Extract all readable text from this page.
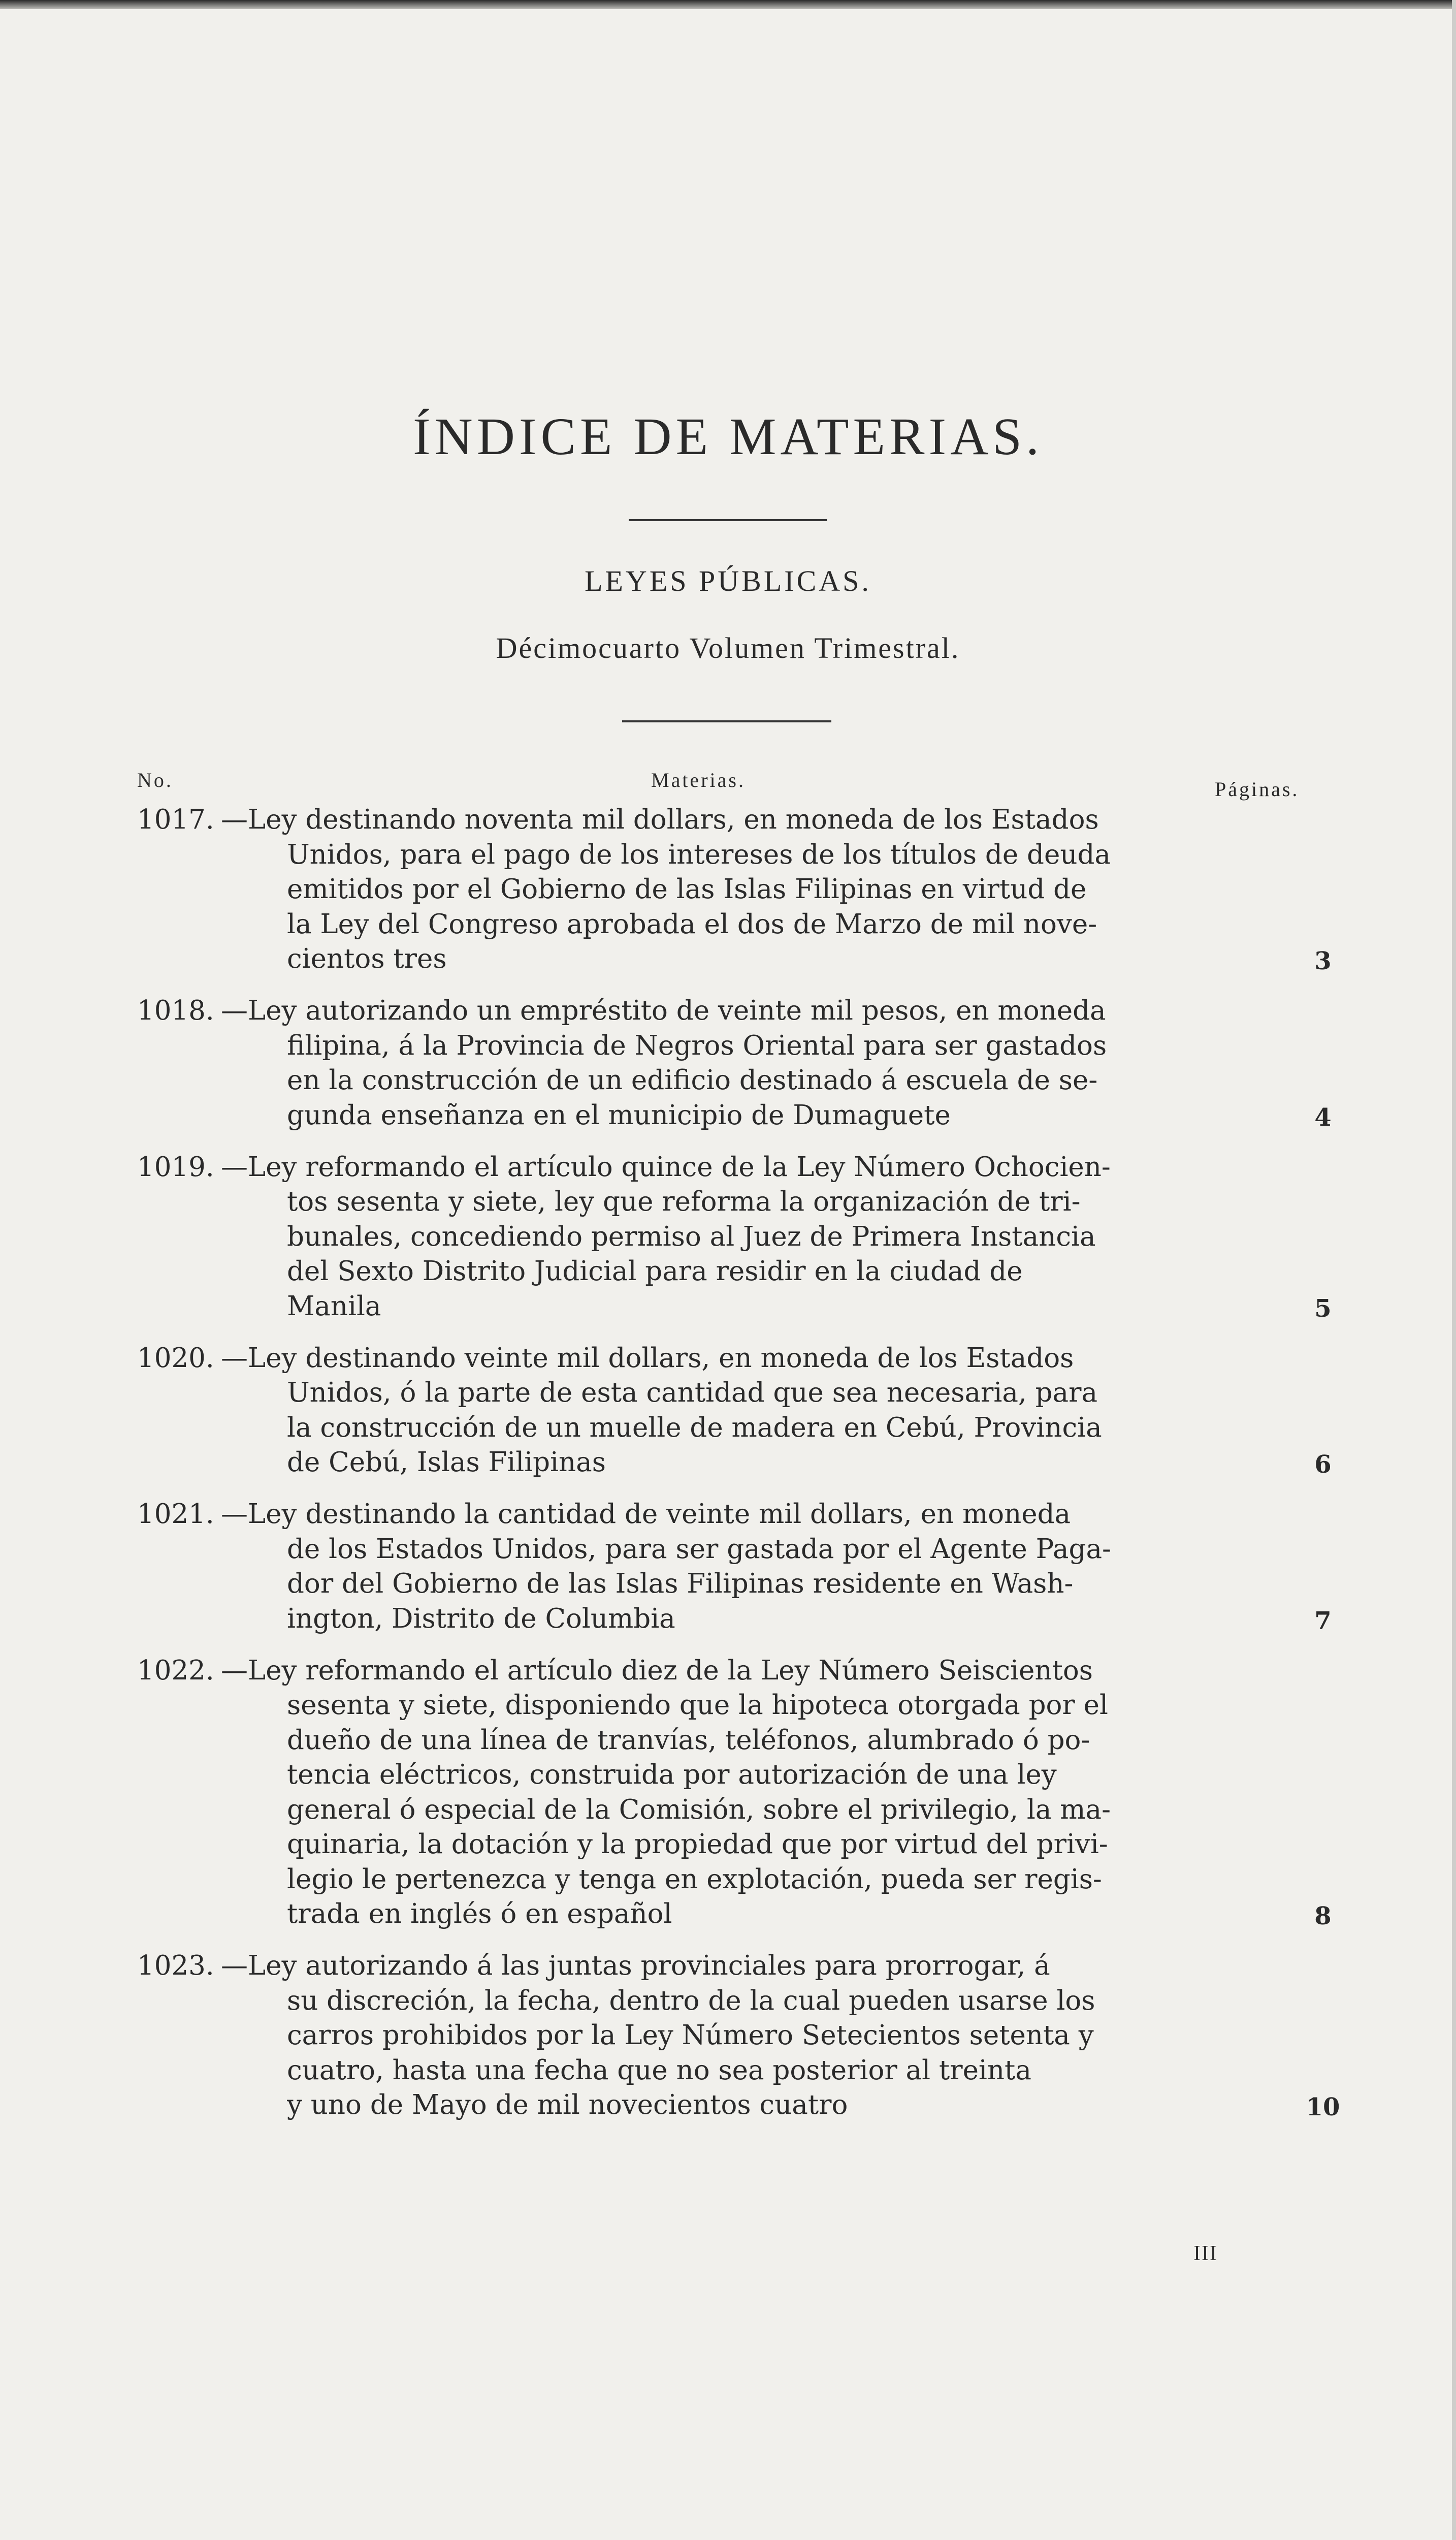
ÍNDICE DE MATERIAS.
LEYES PÚBLICAS.
Décimocuarto Volumen Trimestral.
No.	Materias.	Páginas.
1017. —Ley destinando noventa mil dollars, en moneda de los Estados
Unidos, para el pago de los intereses de los títulos de deuda
emitidos por el Gobierno de las Islas Filipinas en virtud de
la Ley del Congreso aprobada el dos de Marzo de mil nove-
cientos tres	3
1018. —Ley autorizando un empréstito de veinte mil pesos, en moneda
filipina, á la Provincia de Negros Oriental para ser gastados
en la construcción de un edificio destinado á escuela de se-
gunda enseñanza en el municipio de Dumaguete	4
1019. —Ley reformando el artículo quince de la Ley Número Ochocien-
tos sesenta y siete, ley que reforma la organización de tri-
bunales, concediendo permiso al Juez de Primera Instancia
del Sexto Distrito Judicial para residir en la ciudad de
Manila	5
1020. —Ley destinando veinte mil dollars, en moneda de los Estados
Unidos, ó la parte de esta cantidad que sea necesaria, para
la construcción de un muelle de madera en Cebú, Provincia
de Cebú, Islas Filipinas	6
1021. —Ley destinando la cantidad de veinte mil dollars, en moneda
de los Estados Unidos, para ser gastada por el Agente Paga-
dor del Gobierno de las Islas Filipinas residente en Wash-
ington, Distrito de Columbia	7
1022. —Ley reformando el artículo diez de la Ley Número Seiscientos
sesenta y siete, disponiendo que la hipoteca otorgada por el
dueño de una línea de tranvías, teléfonos, alumbrado ó po-
tencia eléctricos, construida por autorización de una ley
general ó especial de la Comisión, sobre el privilegio, la ma-
quinaria, la dotación y la propiedad que por virtud del privi-
legio le pertenezca y tenga en explotación, pueda ser regis-
trada en inglés ó en español	8
1023. —Ley autorizando á las juntas provinciales para prorrogar, á
su discreción, la fecha, dentro de la cual pueden usarse los
carros prohibidos por la Ley Número Setecientos setenta y
cuatro, hasta una fecha que no sea posterior al treinta
y uno de Mayo de mil novecientos cuatro	10
III
